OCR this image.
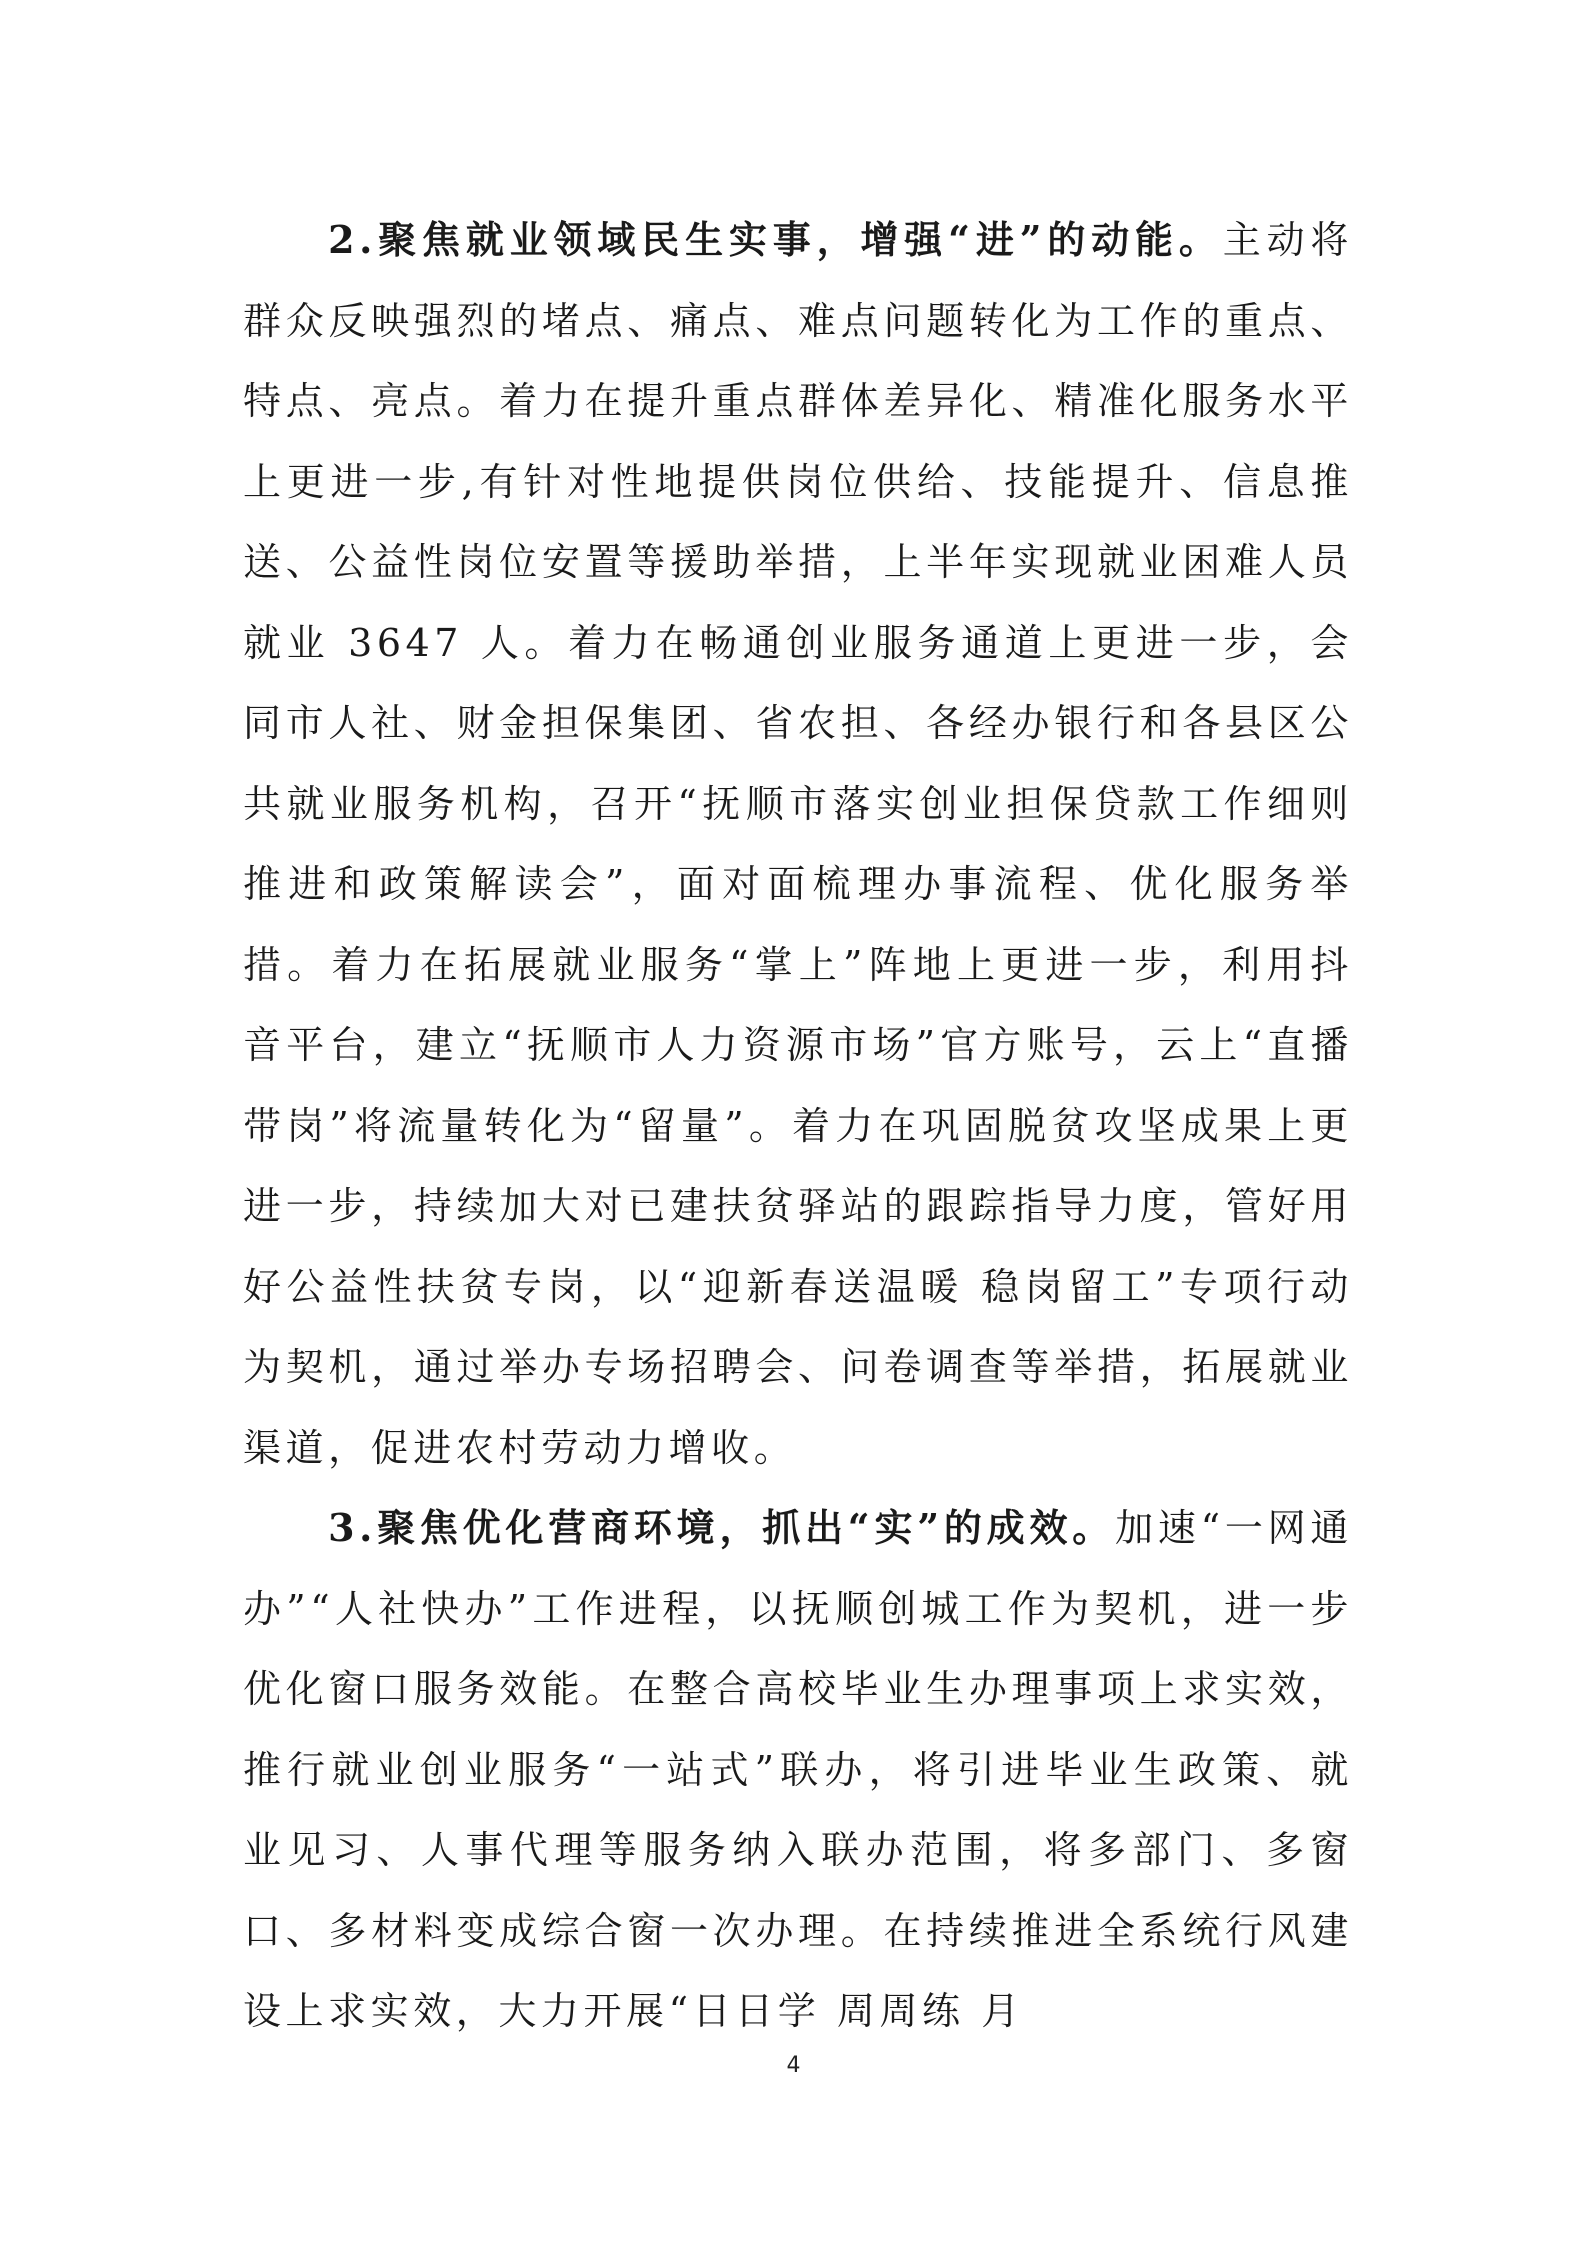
2.聚焦就业领域民生实事，增强“进”的动能。主动将群众反映强烈的堵点、痛点、难点问题转化为工作的重点、特点、亮点。着力在提升重点群体差异化、精准化服务水平上更进一步,有针对性地提供岗位供给、技能提升、信息推送、公益性岗位安置等援助举措，上半年实现就业困难人员就业 3647 人。着力在畅通创业服务通道上更进一步，会同市人社、财金担保集团、省农担、各经办银行和各县区公共就业服务机构，召开“抚顺市落实创业担保贷款工作细则推进和政策解读会”，面对面梳理办事流程、优化服务举措。着力在拓展就业服务“掌上”阵地上更进一步，利用抖音平台，建立“抚顺市人力资源市场”官方账号，云上“直播带岗”将流量转化为“留量”。着力在巩固脱贫攻坚成果上更进一步，持续加大对已建扶贫驿站的跟踪指导力度，管好用好公益性扶贫专岗，以“迎新春送温暖 稳岗留工”专项行动为契机，通过举办专场招聘会、问卷调查等举措，拓展就业渠道，促进农村劳动力增收。

3.聚焦优化营商环境，抓出“实”的成效。加速“一网通办”“人社快办”工作进程，以抚顺创城工作为契机，进一步优化窗口服务效能。在整合高校毕业生办理事项上求实效，推行就业创业服务“一站式”联办，将引进毕业生政策、就业见习、人事代理等服务纳入联办范围，将多部门、多窗口、多材料变成综合窗一次办理。在持续推进全系统行风建设上求实效，大力开展“日日学 周周练 月

4
